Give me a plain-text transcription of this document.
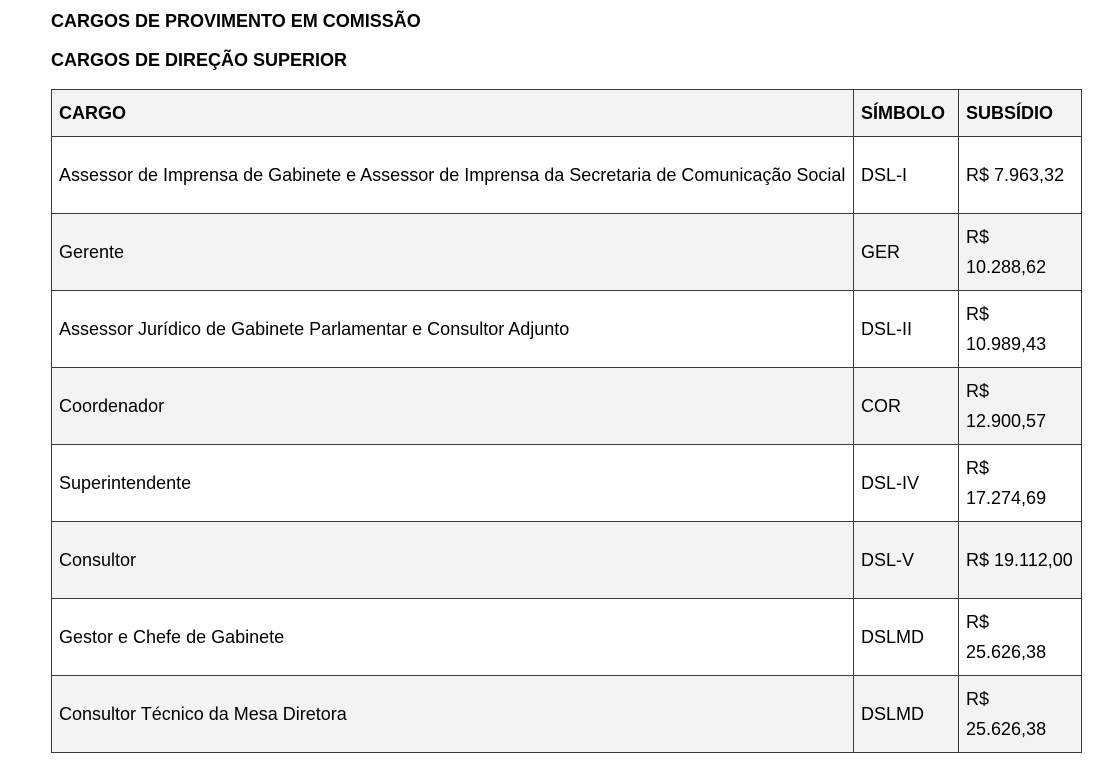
CARGOS DE PROVIMENTO EM COMISSÃO

CARGOS DE DIREÇÃO SUPERIOR

CARGO	SÍMBOLO	SUBSÍDIO
Assessor de Imprensa de Gabinete e Assessor de Imprensa da Secretaria de Comunicação Social	DSL-I	R$ 7.963,32
Gerente	GER	R$ 10.288,62
Assessor Jurídico de Gabinete Parlamentar e Consultor Adjunto	DSL-II	R$ 10.989,43
Coordenador	COR	R$ 12.900,57
Superintendente	DSL-IV	R$ 17.274,69
Consultor	DSL-V	R$ 19.112,00
Gestor e Chefe de Gabinete	DSLMD	R$ 25.626,38
Consultor Técnico da Mesa Diretora	DSLMD	R$ 25.626,38
